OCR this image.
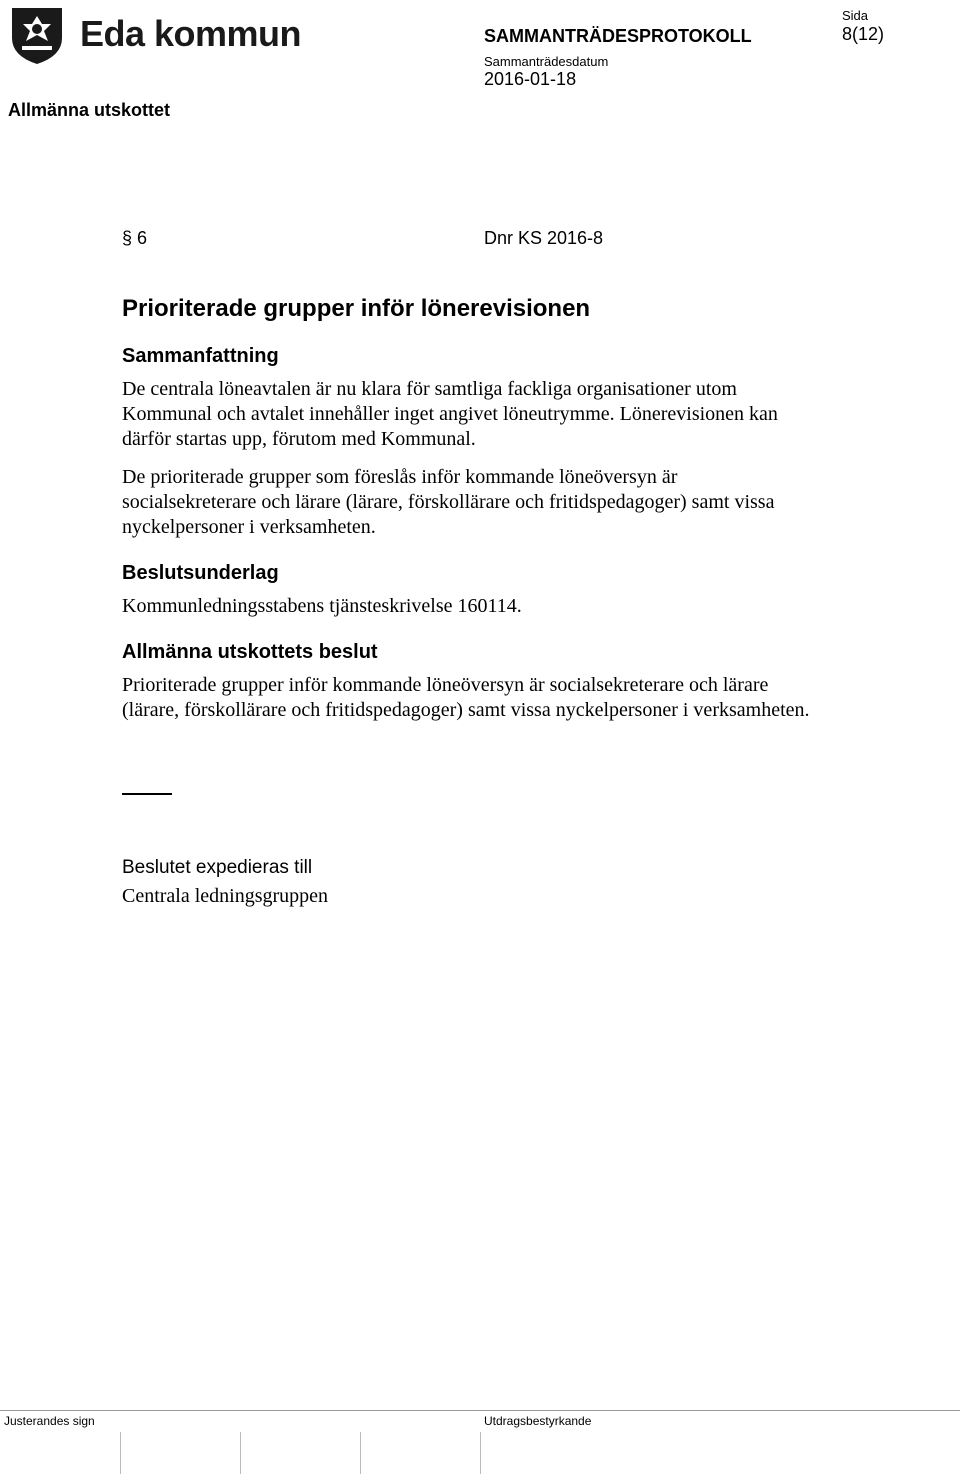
Eda kommun
Allmänna utskottet
SAMMANTRÄDESPROTOKOLL
Sammanträdesdatum
2016-01-18
Sida
8(12)
§ 6	Dnr KS 2016-8
Prioriterade grupper inför lönerevisionen
Sammanfattning

De centrala löneavtalen är nu klara för samtliga fackliga organisationer utom Kommunal och avtalet innehåller inget angivet löneutrymme. Lönerevisionen kan därför startas upp, förutom med Kommunal.

De prioriterade grupper som föreslås inför kommande löneöversyn är socialsekreterare och lärare (lärare, förskollärare och fritidspedagoger) samt vissa nyckelpersoner i verksamheten.

Beslutsunderlag
Kommunledningsstabens tjänsteskrivelse 160114.
Allmänna utskottets beslut

Prioriterade grupper inför kommande löneöversyn är socialsekreterare och lärare (lärare, förskollärare och fritidspedagoger) samt vissa nyckelpersoner i verksamheten.

Beslutet expedieras till
Centrala ledningsgruppen
Justerandes sign	Utdragsbestyrkande
